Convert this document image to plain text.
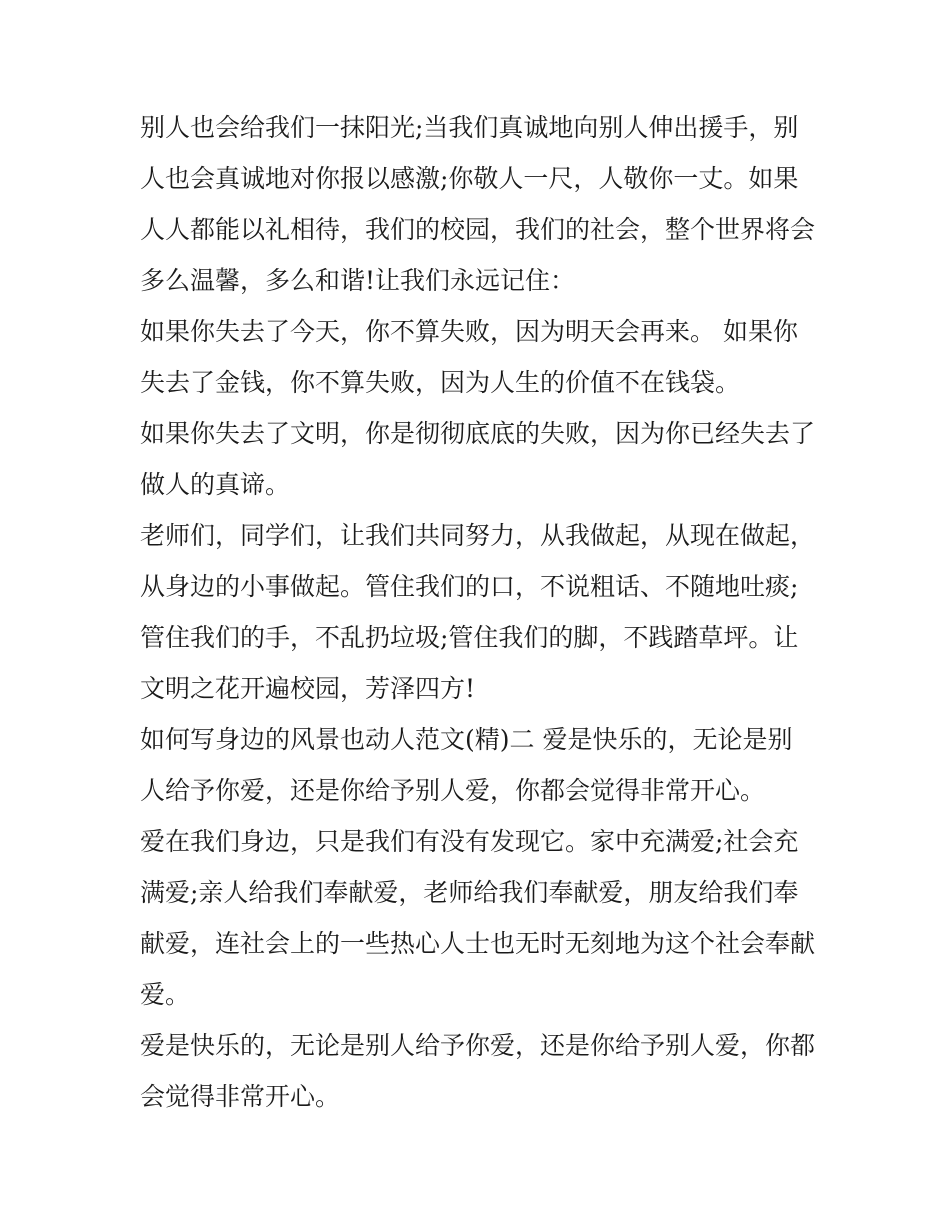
别人也会给我们一抹阳光;当我们真诚地向别人伸出援手，别
人也会真诚地对你报以感激;你敬人一尺，人敬你一丈。如果
人人都能以礼相待，我们的校园，我们的社会，整个世界将会
多么温馨，多么和谐!让我们永远记住：
如果你失去了今天，你不算失败，因为明天会再来。 如果你
失去了金钱，你不算失败，因为人生的价值不在钱袋。
如果你失去了文明，你是彻彻底底的失败，因为你已经失去了
做人的真谛。
老师们，同学们，让我们共同努力，从我做起，从现在做起，
从身边的小事做起。管住我们的口，不说粗话、不随地吐痰;
管住我们的手，不乱扔垃圾;管住我们的脚，不践踏草坪。让
文明之花开遍校园，芳泽四方!
如何写身边的风景也动人范文(精)二 爱是快乐的，无论是别
人给予你爱，还是你给予别人爱，你都会觉得非常开心。
爱在我们身边，只是我们有没有发现它。家中充满爱;社会充
满爱;亲人给我们奉献爱，老师给我们奉献爱，朋友给我们奉
献爱，连社会上的一些热心人士也无时无刻地为这个社会奉献
爱。
爱是快乐的，无论是别人给予你爱，还是你给予别人爱，你都
会觉得非常开心。
